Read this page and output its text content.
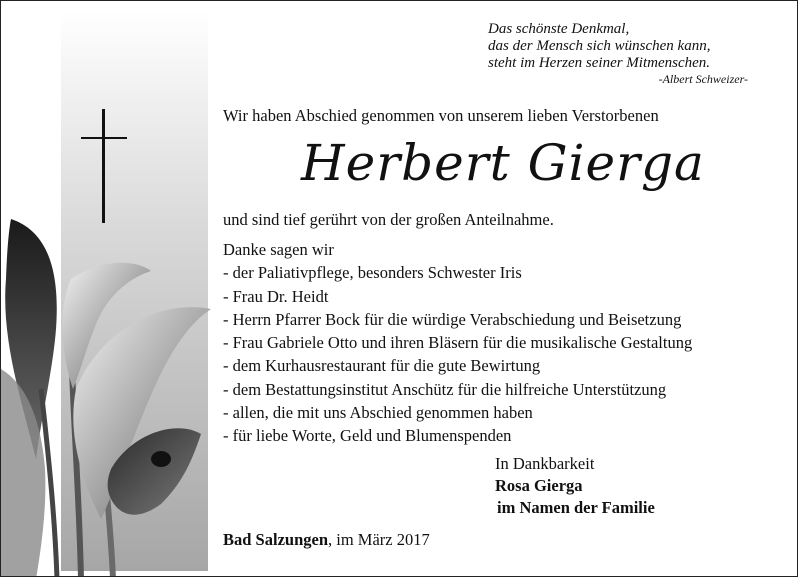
Das schönste Denkmal,
das der Mensch sich wünschen kann,
steht im Herzen seiner Mitmenschen.
-Albert Schweizer-
Wir haben Abschied genommen von unserem lieben Verstorbenen
Herbert Gierga
und sind tief gerührt von der großen Anteilnahme.
Danke sagen wir
- der Paliativpflege, besonders Schwester Iris
- Frau Dr. Heidt
- Herrn Pfarrer Bock für die würdige Verabschiedung und Beisetzung
- Frau Gabriele Otto und ihren Bläsern für die musikalische Gestaltung
- dem Kurhausrestaurant für die gute Bewirtung
- dem Bestattungsinstitut Anschütz für die hilfreiche Unterstützung
- allen, die mit uns Abschied genommen haben
- für liebe Worte, Geld und Blumenspenden
In Dankbarkeit
Rosa Gierga
im Namen der Familie
Bad Salzungen, im März 2017
